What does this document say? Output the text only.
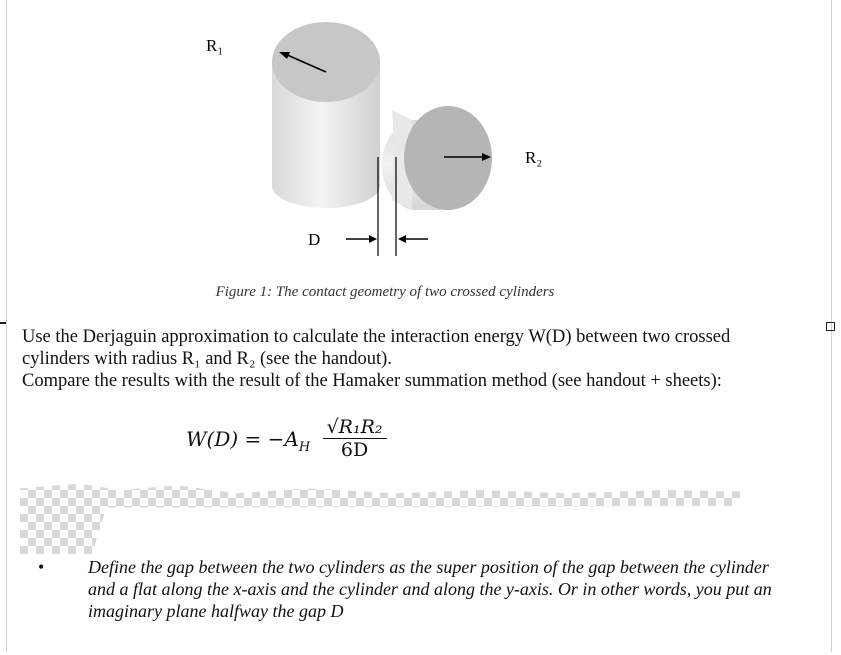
R₁
R₂
D
Figure 1: The contact geometry of two crossed cylinders

Use the Derjaguin approximation to calculate the interaction energy W(D) between two crossed cylinders with radius R₁ and R₂ (see the handout).

Compare the results with the result of the Hamaker summation method (see handout + sheets):

$W(D) = -A_H \frac{\text{√R₁R₂}}{6D}$
• Define the gap between the two cylinders as the super position of the gap between the cylinder and a flat along the x-axis and the cylinder and along the y-axis. Or in other words, you put an imaginary plane halfway the gap D
